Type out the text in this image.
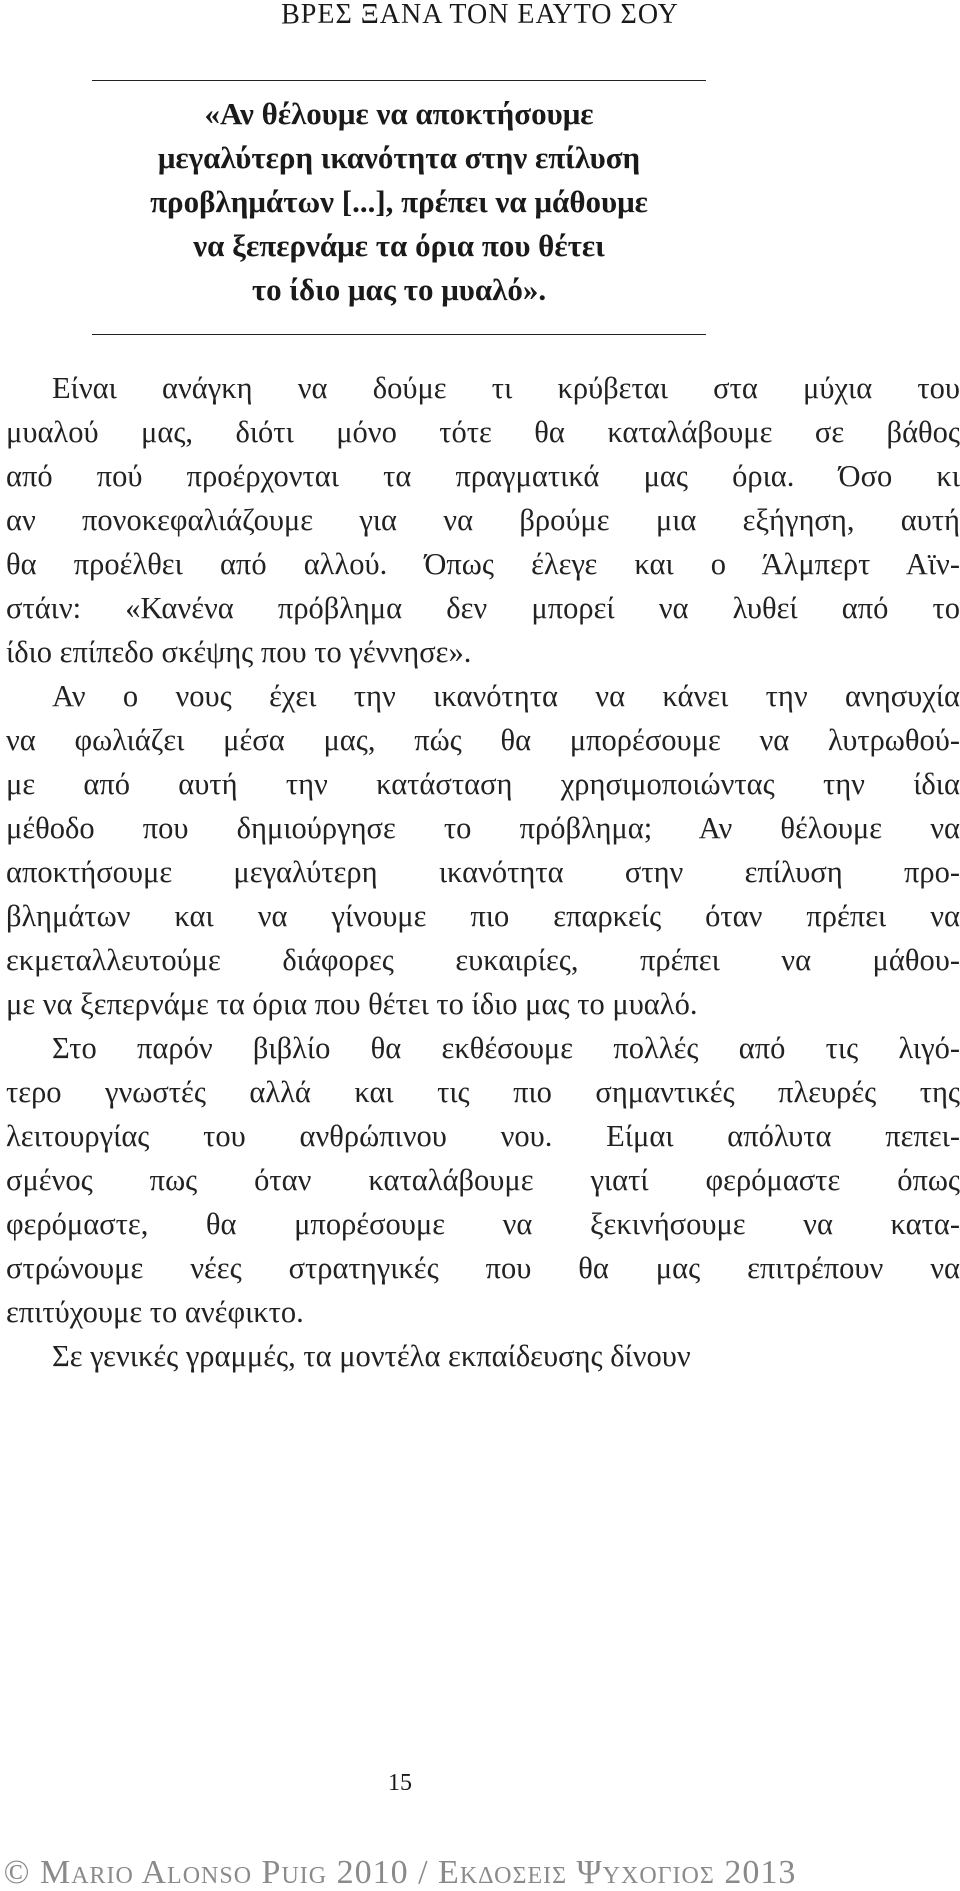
ΒΡΕΣ ΞΑΝΑ ΤΟΝ ΕΑΥΤΟ ΣΟΥ
«Αν θέλουμε να αποκτήσουμε
μεγαλύτερη ικανότητα στην επίλυση
προβλημάτων [...], πρέπει να μάθουμε
να ξεπερνάμε τα όρια που θέτει
το ίδιο μας το μυαλό».
Είναι ανάγκη να δούμε τι κρύβεται στα μύχια του
μυαλού μας, διότι μόνο τότε θα καταλάβουμε σε βάθος
από πού προέρχονται τα πραγματικά μας όρια. Όσο κι
αν πονοκεφαλιάζουμε για να βρούμε μια εξήγηση, αυτή
θα προέλθει από αλλού. Όπως έλεγε και ο Άλμπερτ Αϊν-
στάιν: «Κανένα πρόβλημα δεν μπορεί να λυθεί από το
ίδιο επίπεδο σκέψης που το γέννησε».
Αν ο νους έχει την ικανότητα να κάνει την ανησυχία
να φωλιάζει μέσα μας, πώς θα μπορέσουμε να λυτρωθού-
με από αυτή την κατάσταση χρησιμοποιώντας την ίδια
μέθοδο που δημιούργησε το πρόβλημα; Αν θέλουμε να
αποκτήσουμε μεγαλύτερη ικανότητα στην επίλυση προ-
βλημάτων και να γίνουμε πιο επαρκείς όταν πρέπει να
εκμεταλλευτούμε διάφορες ευκαιρίες, πρέπει να μάθου-
με να ξεπερνάμε τα όρια που θέτει το ίδιο μας το μυαλό.
Στο παρόν βιβλίο θα εκθέσουμε πολλές από τις λιγό-
τερο γνωστές αλλά και τις πιο σημαντικές πλευρές της
λειτουργίας του ανθρώπινου νου. Είμαι απόλυτα πεπει-
σμένος πως όταν καταλάβουμε γιατί φερόμαστε όπως
φερόμαστε, θα μπορέσουμε να ξεκινήσουμε να κατα-
στρώνουμε νέες στρατηγικές που θα μας επιτρέπουν να
επιτύχουμε το ανέφικτο.
Σε γενικές γραμμές, τα μοντέλα εκπαίδευσης δίνουν
15
© Mario Alonso Puig 2010 / Εκδοσεις Ψυχογιος 2013
